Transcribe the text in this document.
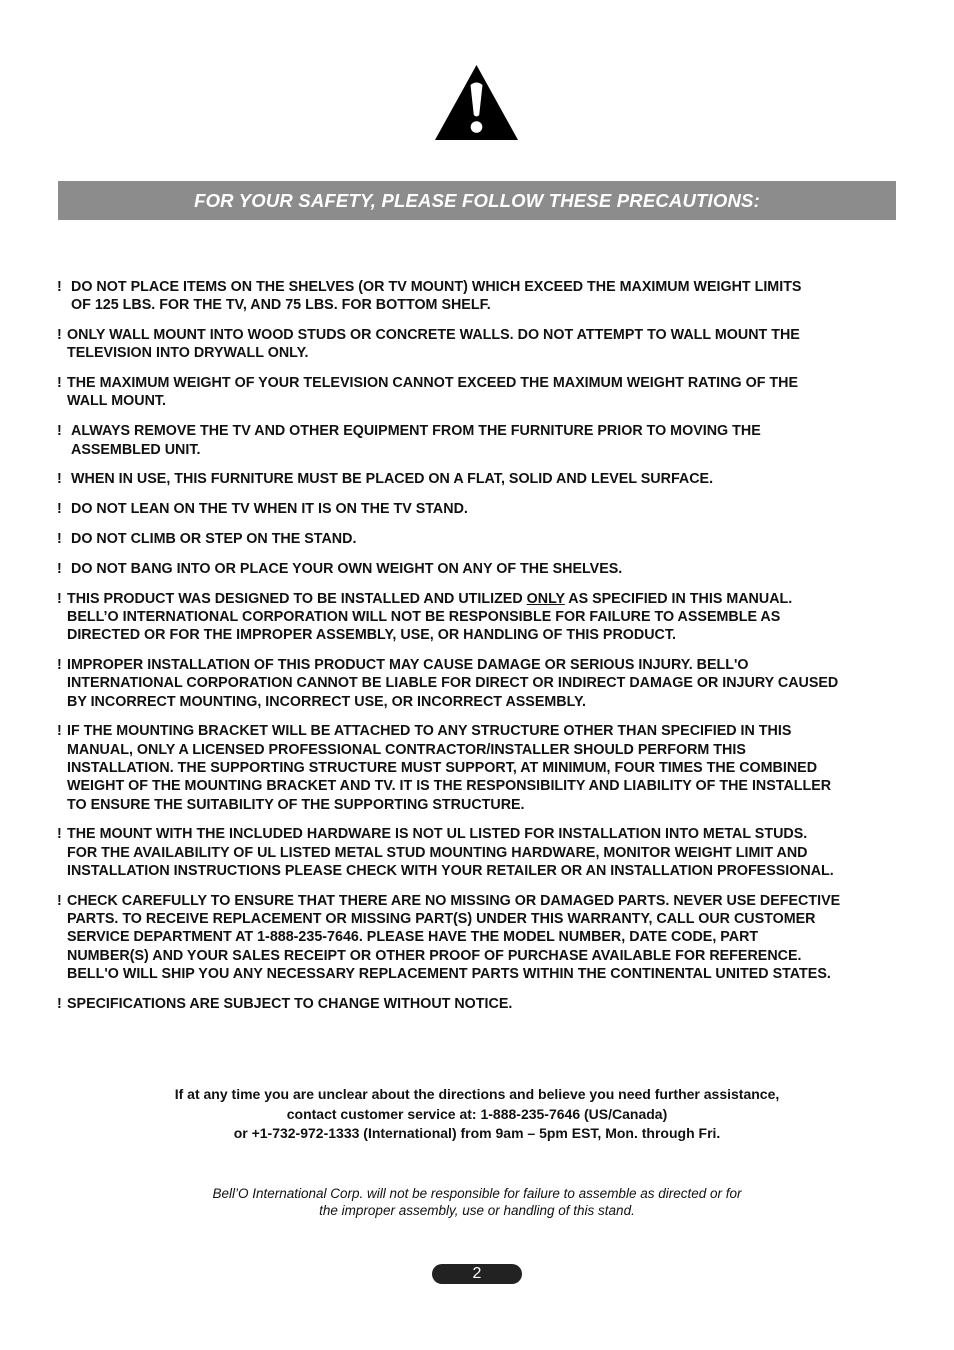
FOR YOUR SAFETY, PLEASE FOLLOW THESE PRECAUTIONS:
! DO NOT PLACE ITEMS ON THE SHELVES (OR TV MOUNT) WHICH EXCEED THE MAXIMUM WEIGHT LIMITS
OF 125 LBS. FOR THE TV, AND 75 LBS. FOR BOTTOM SHELF.
! ONLY WALL MOUNT INTO WOOD STUDS OR CONCRETE WALLS. DO NOT ATTEMPT TO WALL MOUNT THE
TELEVISION INTO DRYWALL ONLY.
! THE MAXIMUM WEIGHT OF YOUR TELEVISION CANNOT EXCEED THE MAXIMUM WEIGHT RATING OF THE
WALL MOUNT.
! ALWAYS REMOVE THE TV AND OTHER EQUIPMENT FROM THE FURNITURE PRIOR TO MOVING THE
ASSEMBLED UNIT.
! WHEN IN USE, THIS FURNITURE MUST BE PLACED ON A FLAT, SOLID AND LEVEL SURFACE.
! DO NOT LEAN ON THE TV WHEN IT IS ON THE TV STAND.
! DO NOT CLIMB OR STEP ON THE STAND.
! DO NOT BANG INTO OR PLACE YOUR OWN WEIGHT ON ANY OF THE SHELVES.
! THIS PRODUCT WAS DESIGNED TO BE INSTALLED AND UTILIZED ONLY AS SPECIFIED IN THIS MANUAL.
BELL’O INTERNATIONAL CORPORATION WILL NOT BE RESPONSIBLE FOR FAILURE TO ASSEMBLE AS
DIRECTED OR FOR THE IMPROPER ASSEMBLY, USE, OR HANDLING OF THIS PRODUCT.
! IMPROPER INSTALLATION OF THIS PRODUCT MAY CAUSE DAMAGE OR SERIOUS INJURY. BELL'O
INTERNATIONAL CORPORATION CANNOT BE LIABLE FOR DIRECT OR INDIRECT DAMAGE OR INJURY CAUSED
BY INCORRECT MOUNTING, INCORRECT USE, OR INCORRECT ASSEMBLY.
! IF THE MOUNTING BRACKET WILL BE ATTACHED TO ANY STRUCTURE OTHER THAN SPECIFIED IN THIS
MANUAL, ONLY A LICENSED PROFESSIONAL CONTRACTOR/INSTALLER SHOULD PERFORM THIS
INSTALLATION. THE SUPPORTING STRUCTURE MUST SUPPORT, AT MINIMUM, FOUR TIMES THE COMBINED
WEIGHT OF THE MOUNTING BRACKET AND TV. IT IS THE RESPONSIBILITY AND LIABILITY OF THE INSTALLER
TO ENSURE THE SUITABILITY OF THE SUPPORTING STRUCTURE.
! THE MOUNT WITH THE INCLUDED HARDWARE IS NOT UL LISTED FOR INSTALLATION INTO METAL STUDS.
FOR THE AVAILABILITY OF UL LISTED METAL STUD MOUNTING HARDWARE, MONITOR WEIGHT LIMIT AND
INSTALLATION INSTRUCTIONS PLEASE CHECK WITH YOUR RETAILER OR AN INSTALLATION PROFESSIONAL.
! CHECK CAREFULLY TO ENSURE THAT THERE ARE NO MISSING OR DAMAGED PARTS. NEVER USE DEFECTIVE
PARTS. TO RECEIVE REPLACEMENT OR MISSING PART(S) UNDER THIS WARRANTY, CALL OUR CUSTOMER
SERVICE DEPARTMENT AT 1-888-235-7646. PLEASE HAVE THE MODEL NUMBER, DATE CODE, PART
NUMBER(S) AND YOUR SALES RECEIPT OR OTHER PROOF OF PURCHASE AVAILABLE FOR REFERENCE.
BELL'O WILL SHIP YOU ANY NECESSARY REPLACEMENT PARTS WITHIN THE CONTINENTAL UNITED STATES.
! SPECIFICATIONS ARE SUBJECT TO CHANGE WITHOUT NOTICE.
If at any time you are unclear about the directions and believe you need further assistance,
contact customer service at: 1-888-235-7646 (US/Canada)
or +1-732-972-1333 (International) from 9am – 5pm EST, Mon. through Fri.
Bell’O International Corp. will not be responsible for failure to assemble as directed or for
the improper assembly, use or handling of this stand.
2
